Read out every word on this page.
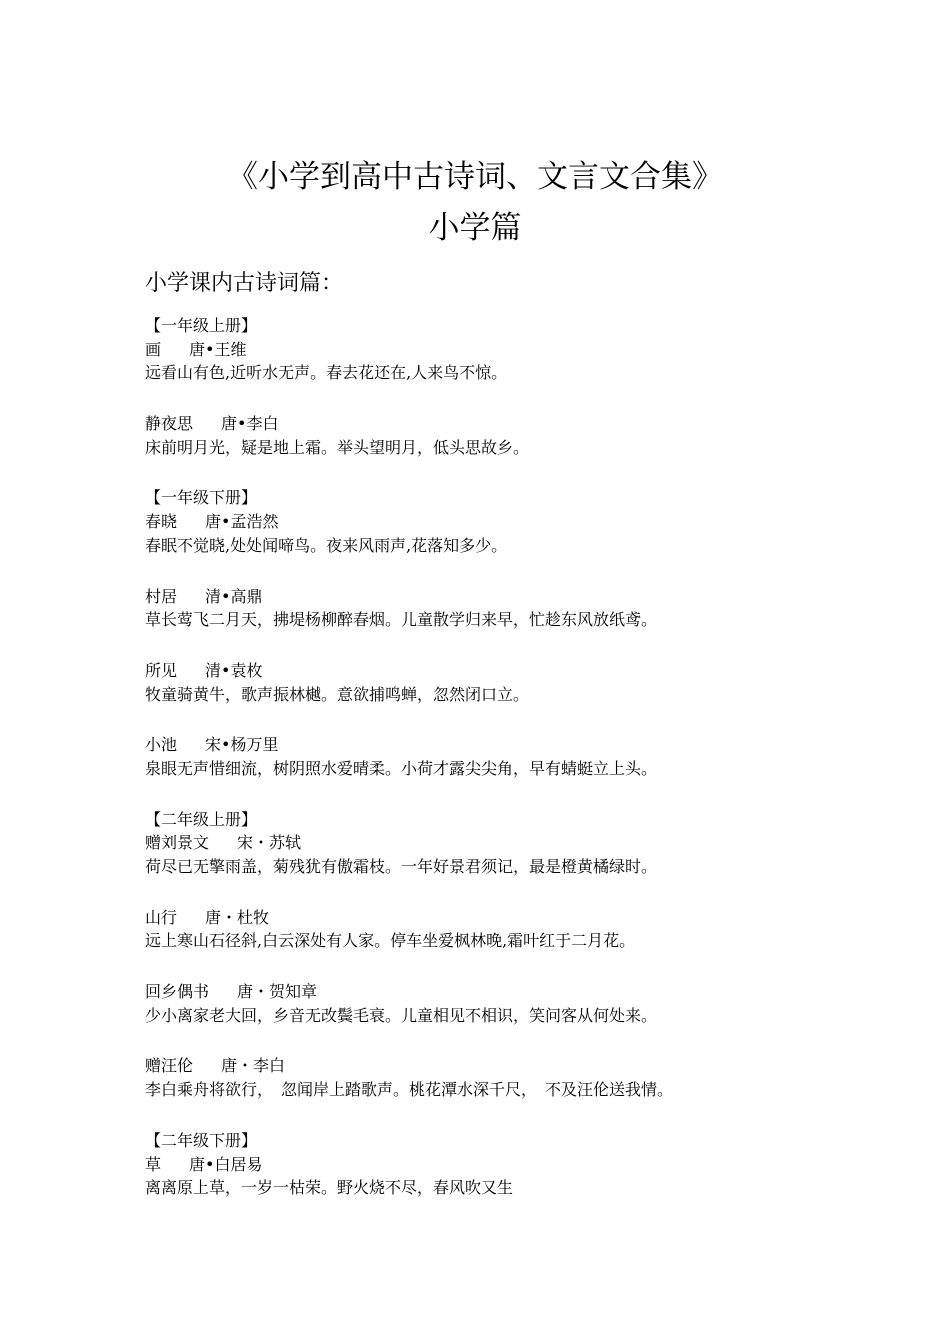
《小学到高中古诗词、文言文合集》
小学篇
小学课内古诗词篇：
【一年级上册】
画 唐•王维
远看山有色,近听水无声。春去花还在,人来鸟不惊。
静夜思 唐•李白
床前明月光，疑是地上霜。举头望明月，低头思故乡。
【一年级下册】
春晓 唐•孟浩然
春眠不觉晓,处处闻啼鸟。夜来风雨声,花落知多少。
村居 清•高鼎
草长莺飞二月天，拂堤杨柳醉春烟。儿童散学归来早，忙趁东风放纸鸢。
所见 清•袁枚
牧童骑黄牛，歌声振林樾。意欲捕鸣蝉，忽然闭口立。
小池 宋•杨万里
泉眼无声惜细流，树阴照水爱晴柔。小荷才露尖尖角，早有蜻蜓立上头。
【二年级上册】
赠刘景文 宋・苏轼
荷尽已无擎雨盖，菊残犹有傲霜枝。一年好景君须记，最是橙黄橘绿时。
山行 唐・杜牧
远上寒山石径斜,白云深处有人家。停车坐爱枫林晚,霜叶红于二月花。
回乡偶书 唐・贺知章
少小离家老大回，乡音无改鬓毛衰。儿童相见不相识，笑问客从何处来。
赠汪伦 唐・李白
李白乘舟将欲行，　忽闻岸上踏歌声。桃花潭水深千尺，　不及汪伦送我情。
【二年级下册】
草 唐•白居易
离离原上草，一岁一枯荣。野火烧不尽，春风吹又生
